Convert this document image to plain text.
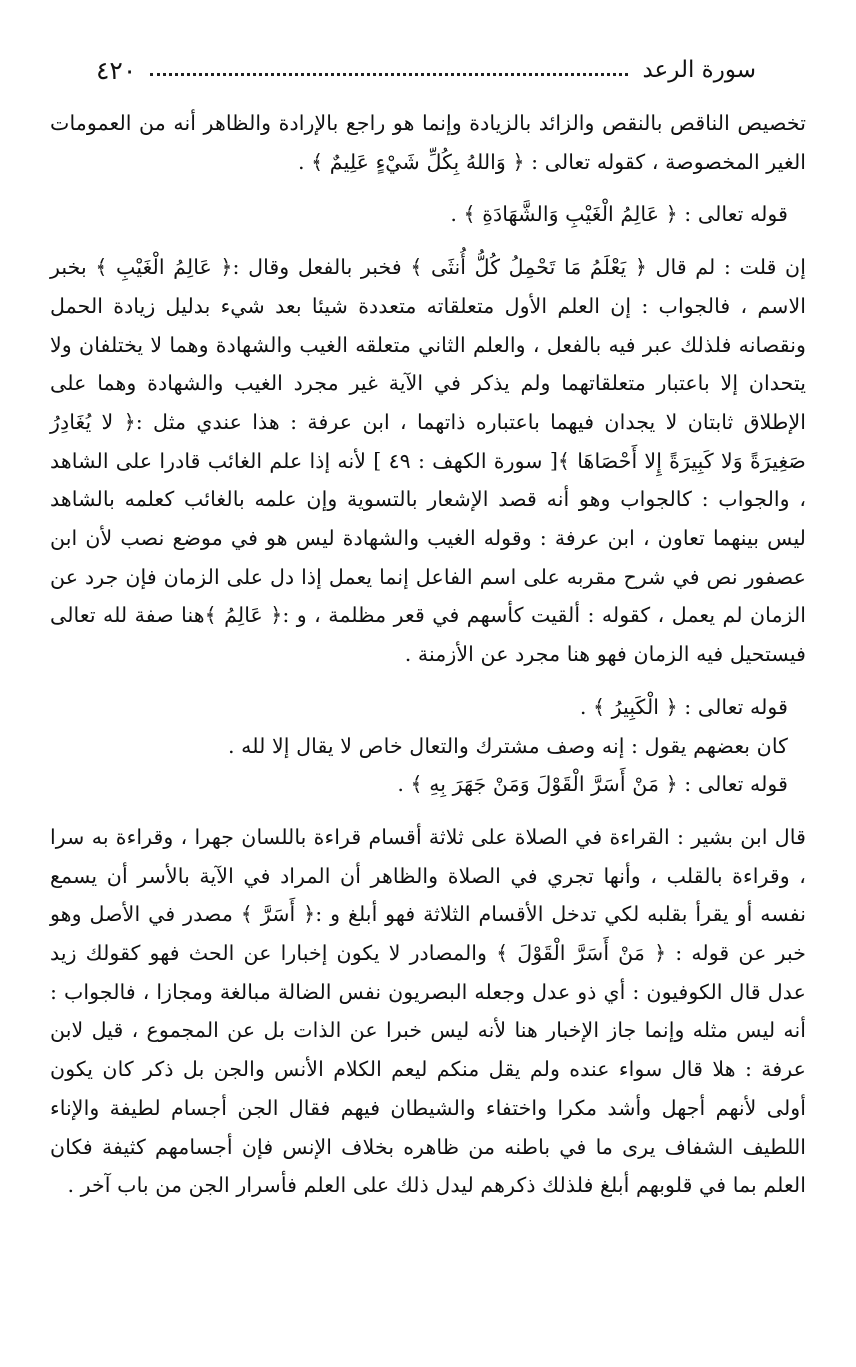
سورة الرعد
٤٢٠

تخصيص الناقص بالنقص والزائد بالزيادة وإنما هو راجع بالإرادة والظاهر أنه من العمومات الغير المخصوصة ، كقوله تعالى : ﴿ وَاللهُ بِكُلِّ شَيْءٍ عَلِيمٌ ﴾ .

قوله تعالى : ﴿ عَالِمُ الْغَيْبِ وَالشَّهَادَةِ ﴾ .

إن قلت : لم قال ﴿ يَعْلَمُ مَا تَحْمِلُ كُلُّ أُنثَى ﴾ فخبر بالفعل وقال :﴿ عَالِمُ الْغَيْبِ ﴾ بخبر الاسم ، فالجواب : إن العلم الأول متعلقاته متعددة شيئا بعد شيء بدليل زيادة الحمل ونقصانه فلذلك عبر فيه بالفعل ، والعلم الثاني متعلقه الغيب والشهادة وهما لا يختلفان ولا يتحدان إلا باعتبار متعلقاتهما ولم يذكر في الآية غير مجرد الغيب والشهادة وهما على الإطلاق ثابتان لا يجدان فيهما باعتباره ذاتهما ، ابن عرفة : هذا عندي مثل :﴿ لا يُغَادِرُ صَغِيرَةً وَلا كَبِيرَةً إِلا أَحْصَاهَا ﴾[ سورة الكهف : ٤٩ ] لأنه إذا علم الغائب قادرا على الشاهد ، والجواب : كالجواب وهو أنه قصد الإشعار بالتسوية وإن علمه بالغائب كعلمه بالشاهد ليس بينهما تعاون ، ابن عرفة : وقوله الغيب والشهادة ليس هو في موضع نصب لأن ابن عصفور نص في شرح مقربه على اسم الفاعل إنما يعمل إذا دل على الزمان فإن جرد عن الزمان لم يعمل ، كقوله : ألقيت كأسهم في قعر مظلمة ، و :﴿ عَالِمُ ﴾هنا صفة لله تعالى فيستحيل فيه الزمان فهو هنا مجرد عن الأزمنة .

قوله تعالى : ﴿ الْكَبِيرُ ﴾ .

كان بعضهم يقول : إنه وصف مشترك والتعال خاص لا يقال إلا لله .

قوله تعالى : ﴿ مَنْ أَسَرَّ الْقَوْلَ وَمَنْ جَهَرَ بِهِ ﴾ .

قال ابن بشير : القراءة في الصلاة على ثلاثة أقسام قراءة باللسان جهرا ، وقراءة به سرا ، وقراءة بالقلب ، وأنها تجري في الصلاة والظاهر أن المراد في الآية بالأسر أن يسمع نفسه أو يقرأ بقلبه لكي تدخل الأقسام الثلاثة فهو أبلغ و :﴿ أَسَرَّ ﴾ مصدر في الأصل وهو خبر عن قوله : ﴿ مَنْ أَسَرَّ الْقَوْلَ ﴾ والمصادر لا يكون إخبارا عن الحث فهو كقولك زيد عدل قال الكوفيون : أي ذو عدل وجعله البصريون نفس الضالة مبالغة ومجازا ، فالجواب : أنه ليس مثله وإنما جاز الإخبار هنا لأنه ليس خبرا عن الذات بل عن المجموع ، قيل لابن عرفة : هلا قال سواء عنده ولم يقل منكم ليعم الكلام الأنس والجن بل ذكر كان يكون أولى لأنهم أجهل وأشد مكرا واختفاء والشيطان فيهم فقال الجن أجسام لطيفة والإناء اللطيف الشفاف يرى ما في باطنه من ظاهره بخلاف الإنس فإن أجسامهم كثيفة فكان العلم بما في قلوبهم أبلغ فلذلك ذكرهم ليدل ذلك على العلم فأسرار الجن من باب آخر .
